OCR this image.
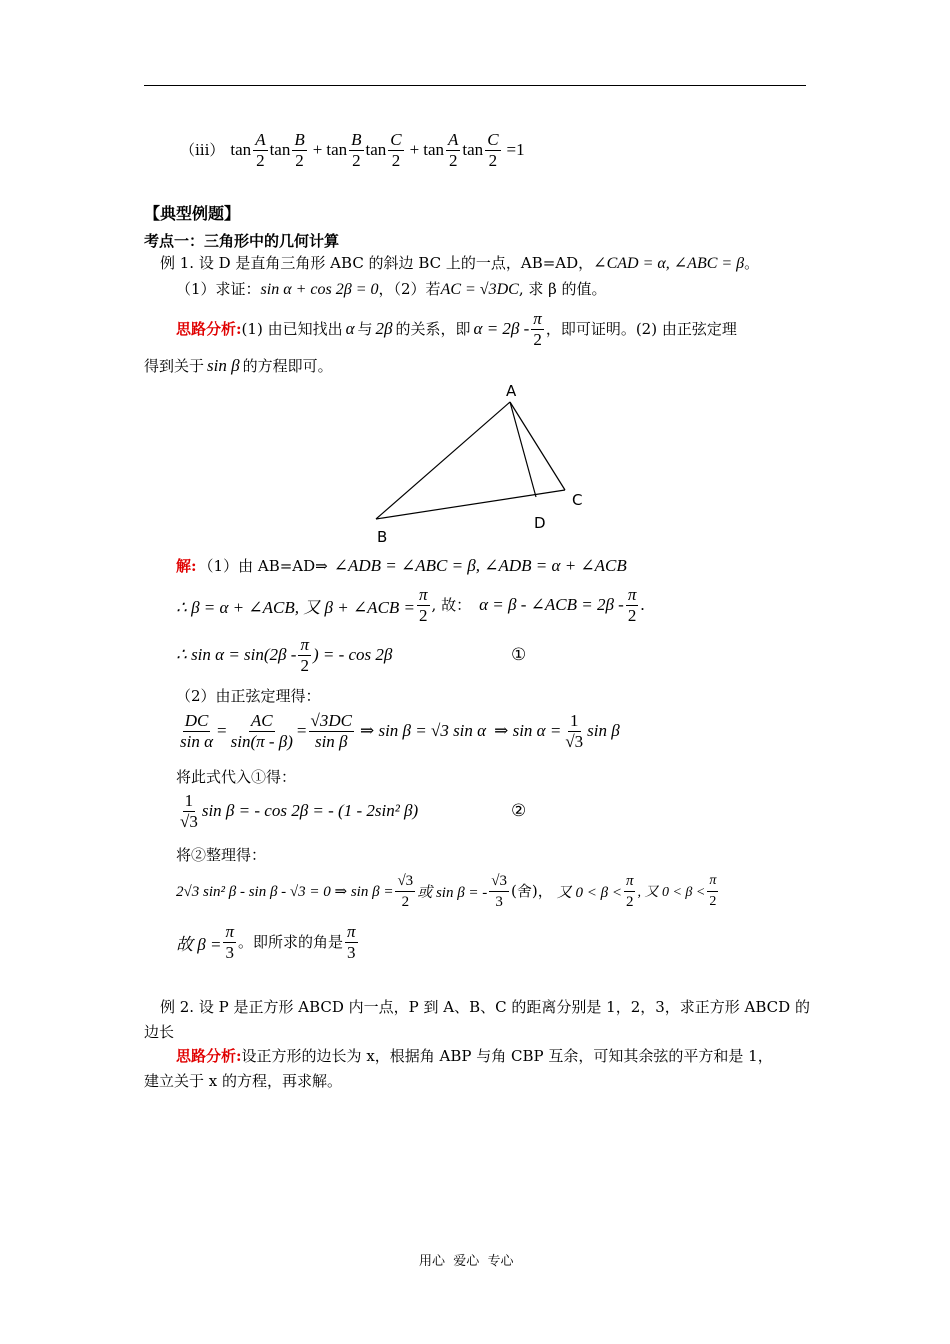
（iii） $\tan \frac{A}{2}$ $\tan \frac{B}{2} + \tan \frac{B}{2}$ $\tan \frac{C}{2} + \tan \frac{A}{2}$ $\tan \frac{C}{2} =1$
【典型例题】
考点一：三角形中的几何计算
例 1. 设 D 是直角三角形 ABC 的斜边 BC 上的一点，AB=AD，∠CAD = α, ∠ABC = β。
（1）求证：sin α + cos 2β = 0，（2）若AC = √3DC, 求 β 的值。
思路分析: (1) 由已知找出 α 与 2β 的关系，即 $\alpha = 2\beta - \frac{\pi}{2}$ ，即可证明。(2) 由正弦定理
得到关于 sin β 的方程即可。
A
B
C
D
解: （1）由 AB=AD⇒ ∠ADB = ∠ABC = β, ∠ADB = α + ∠ACB
∴ β = α + ∠ACB, 又 β + ∠ACB = $\frac{\pi}{2}$ , 故： α = β - ∠ACB = $2\beta - \frac{\pi}{2}$ .
∴ $\sin \alpha = \sin(2\beta - \frac{\pi}{2}$ ) = - cos 2β	①
（2）由正弦定理得：
$\frac{DC}{\text{sin α}} = \frac{AC}{\sin(\pi - \beta)} = \frac{√3DC}{\text{sin β}}$ ⇒ sin β = √3 sin α ⇒ $\sin \alpha = \frac{1}{√3}$ sin β
将此式代入①得：
$\frac{1}{√3}$ sin β = - cos 2β = - (1 - 2sin² β)	②
将②整理得：
2√3 sin² β - sin β - √3 = 0 ⇒ $\sin \beta = \frac{√3}{2}$ 或 sin β = - $\frac{√3}{3}$ (舍)， 又 $0 < \beta < \frac{\pi}{2}$ , 又 $0 < \beta < \frac{\pi}{2}$
故 $\beta = \frac{\pi}{3}$ 。即所求的角是 $\frac{\pi}{3}$
例 2. 设 P 是正方形 ABCD 内一点，P 到 A、B、C 的距离分别是 1，2，3，求正方形 ABCD 的
边长
思路分析:设正方形的边长为 x，根据角 ABP 与角 CBP 互余，可知其余弦的平方和是 1，
建立关于 x 的方程，再求解。
用心  爱心  专心
